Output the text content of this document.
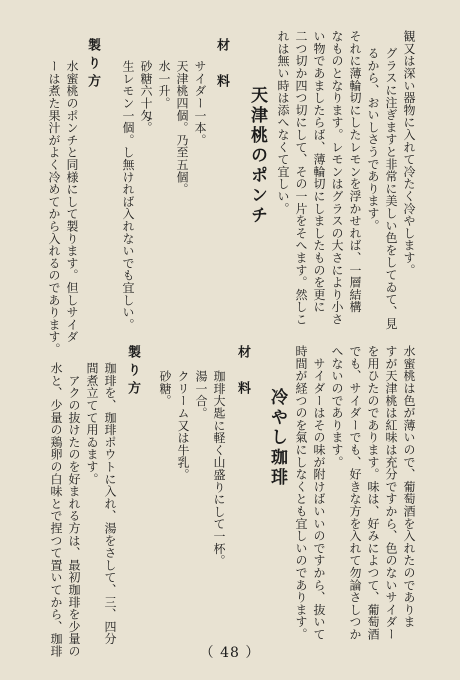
観又は深い器物に入れて冷たく冷やします。
グラスに注ぎますと非常に美しい色をしてゐて、見
るから、おいしさうであります。
それに薄輪切にしたレモンを浮かせれば、一層結構
なものとなります。レモンはグラスの大さにより小さ
い物であましたらば、薄輪切にしましたものを更に
二つ切か四つ切にして、その一片をそへます。然しこ
れは無い時は添へなくて宜しい。
天津桃のポンチ
材　料
サイダー一本。
天津桃四個。乃至五個。
水一升。
砂糖六十匁。
生レモン一個。し無ければ入れないでも宜しい。
製り方
水蜜桃のポンチと同様にして製ります。但しサイダ
ーは煮た果汁がよく冷めてから入れるのであります。
水蜜桃は色が薄いので、葡萄酒を入れたのでありま
すが天津桃は紅味は充分ですから、色のないサイダー
を用ひたのであります。味は、好みによつて、葡萄酒
でも、サイダーでも、好きな方を入れて勿論さしつか
へないのであります。
　サイダーはその味が附けばいいのですから、抜いて
時間が経つのを氣にしなくとも宜しいのであります。
冷やし珈琲
材　料
珈琲大匙に軽く山盛りにして一杯。
湯一合。
クリーム又は牛乳。
砂糖。
製り方
珈琲を、珈琲ポウトに入れ、湯をさして、三、四分
間煮立てて用ゐます。
　アクの抜けたのを好まれる方は、最初珈琲を少量の
水と、少量の鶏卵の白味とで捏つて置いてから、珈琲	（ 48 ）
